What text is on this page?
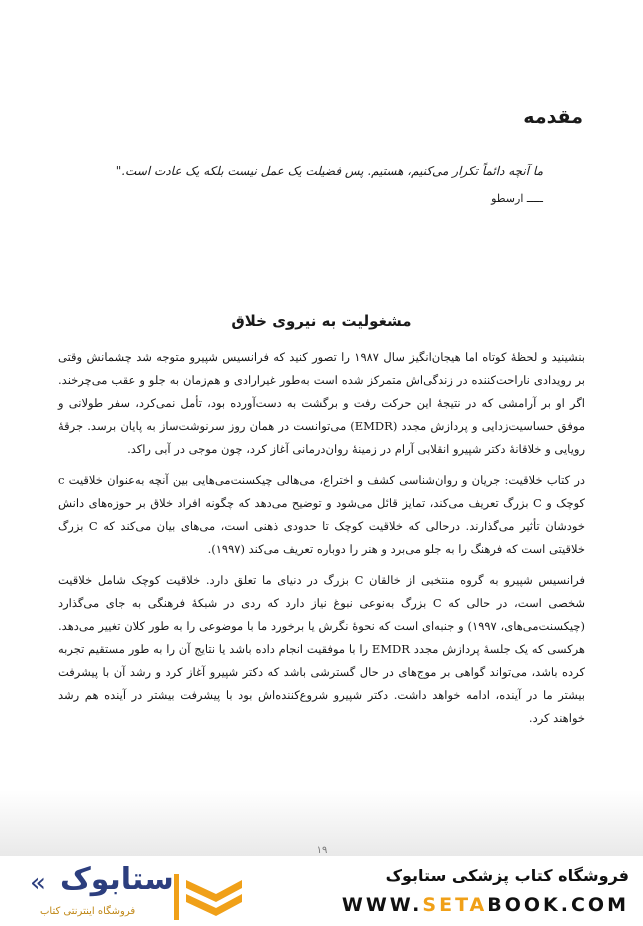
مقدمه
ما آنچه دائماً تکرار می‌کنیم، هستیم. پس فضیلت یک عمل نیست بلکه یک عادت است."
ـــــ ارسطو
مشغولیت به نیروی خلاق

بنشینید و لحظهٔ کوتاه اما هیجان‌انگیز سال ۱۹۸۷ را تصور کنید که فرانسیس شپیرو متوجه شد چشمانش وقتی بر رویدادی ناراحت‌کننده در زندگی‌اش متمرکز شده است به‌طور غیرارادی و هم‌زمان به جلو و عقب می‌چرخند. اگر او بر آرامشی که در نتیجهٔ این حرکت رفت و برگشت به دست‌آورده بود، تأمل نمی‌کرد، سفر طولانی و موفق حساسیت‌زدایی و پردازش مجدد (EMDR) می‌توانست در همان روز سرنوشت‌ساز به پایان برسد. جرقهٔ رویایی و خلاقانهٔ دکتر شپیرو انقلابی آرام در زمینهٔ روان‌درمانی آغاز کرد، چون موجی در آبی راکد.

در کتاب خلاقیت: جریان و روان‌شناسی کشف و اختراع، می‌هالی چیکسنت‌می‌هایی بین آنچه به‌عنوان خلاقیت c کوچک و C بزرگ تعریف می‌کند، تمایز قائل می‌شود و توضیح می‌دهد که چگونه افراد خلاق بر حوزه‌های دانش خودشان تأثیر می‌گذارند. درحالی که خلاقیت کوچک تا حدودی ذهنی است، می‌های بیان می‌کند که C بزرگ خلاقیتی است که فرهنگ را به جلو می‌برد و هنر را دوباره تعریف می‌کند (۱۹۹۷).

فرانسیس شپیرو به گروه منتخبی از خالقان C بزرگ در دنیای ما تعلق دارد. خلاقیت کوچک شامل خلاقیت شخصی است، در حالی که C بزرگ به‌نوعی نبوغ نیاز دارد که ردی در شبکهٔ فرهنگی به جای می‌گذارد (چیکسنت‌می‌های، ۱۹۹۷) و جنبه‌ای است که نحوهٔ نگرش یا برخورد ما با موضوعی را به طور کلان تغییر می‌دهد. هرکسی که یک جلسهٔ پردازش مجدد EMDR را با موفقیت انجام داده باشد یا نتایج آن را به طور مستقیم تجربه کرده باشد، می‌تواند گواهی بر موج‌های در حال گسترشی باشد که دکتر شپیرو آغاز کرد و رشد آن با پیشرفت بیشتر ما در آینده، ادامه خواهد داشت. دکتر شپیرو شروع‌کننده‌اش بود با پیشرفت بیشتر در آینده هم رشد خواهند کرد.

۱۹
« ستابوک
فروشگاه اینترنتی کتاب
فروشگاه کتاب پزشکی ستابوک
WWW.SETABOOK.COM
